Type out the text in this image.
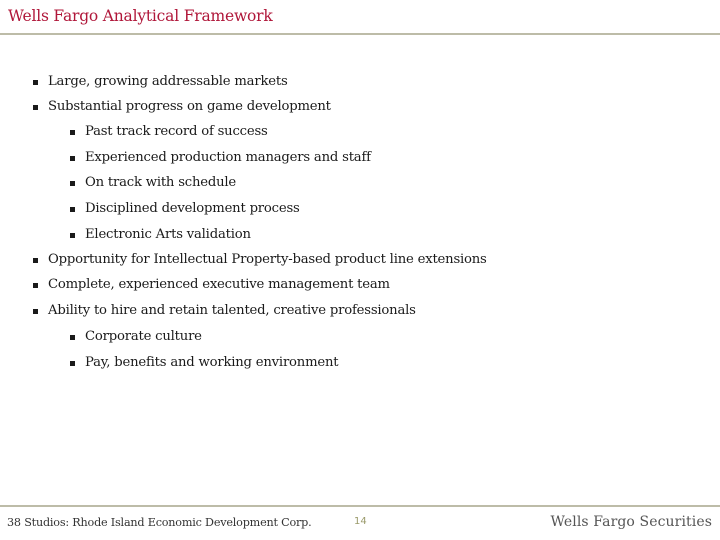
Wells Fargo Analytical Framework
Large, growing addressable markets
Substantial progress on game development
Past track record of success
Experienced production managers and staff
On track with schedule
Disciplined development process
Electronic Arts validation
Opportunity for Intellectual Property-based product line extensions
Complete, experienced executive management team
Ability to hire and retain talented, creative professionals
Corporate culture
Pay, benefits and working environment
38 Studios: Rhode Island Economic Development Corp.	14	Wells Fargo Securities
